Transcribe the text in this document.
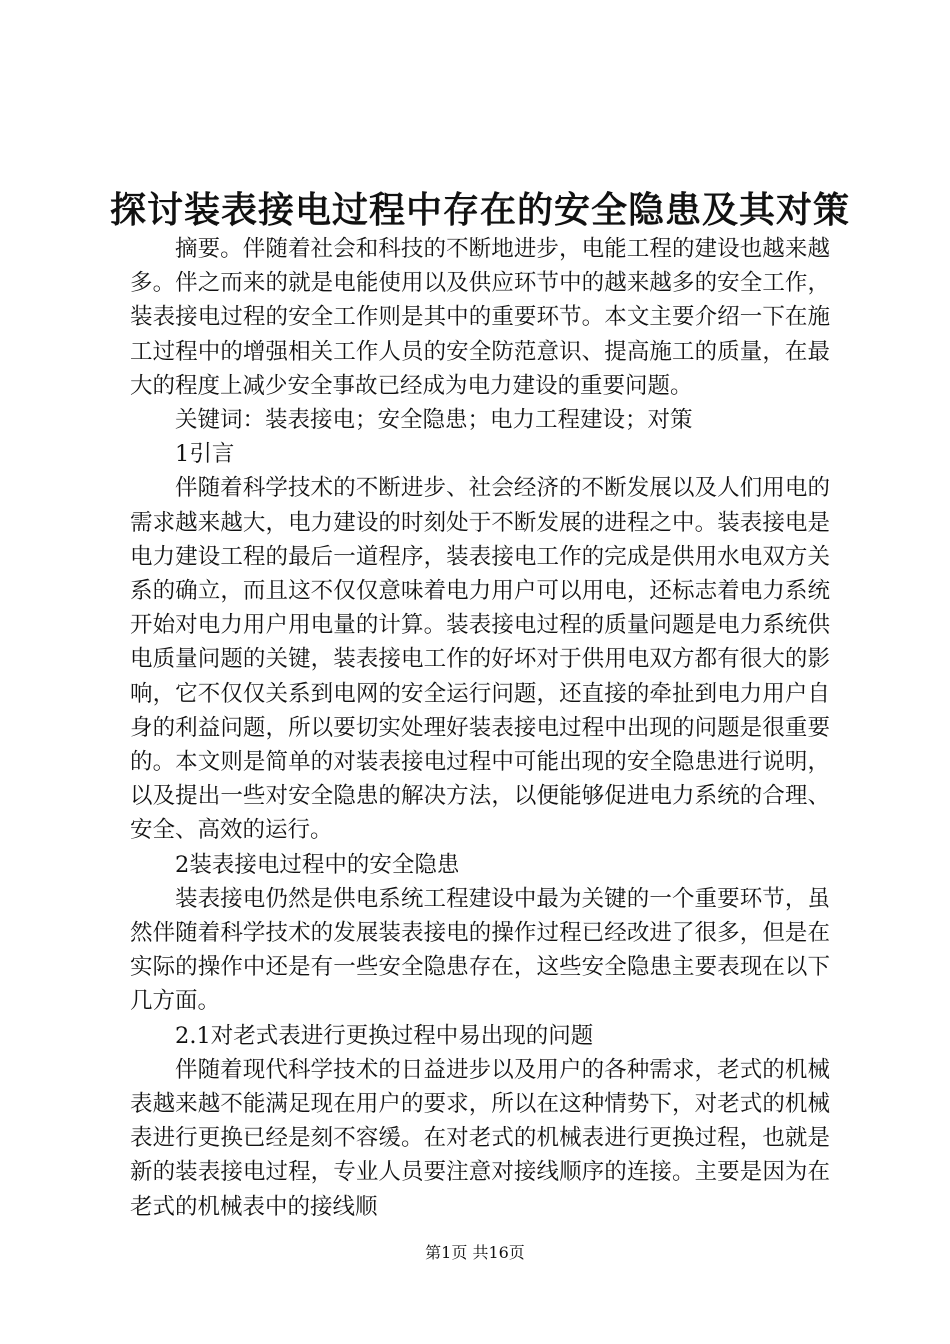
探讨装表接电过程中存在的安全隐患及其对策

摘要。伴随着社会和科技的不断地进步，电能工程的建设也越来越多。伴之而来的就是电能使用以及供应环节中的越来越多的安全工作，装表接电过程的安全工作则是其中的重要环节。本文主要介绍一下在施工过程中的增强相关工作人员的安全防范意识、提高施工的质量，在最大的程度上减少安全事故已经成为电力建设的重要问题。

关键词：装表接电；安全隐患；电力工程建设；对策

1引言

伴随着科学技术的不断进步、社会经济的不断发展以及人们用电的需求越来越大，电力建设的时刻处于不断发展的进程之中。装表接电是电力建设工程的最后一道程序，装表接电工作的完成是供用水电双方关系的确立，而且这不仅仅意味着电力用户可以用电，还标志着电力系统开始对电力用户用电量的计算。装表接电过程的质量问题是电力系统供电质量问题的关键，装表接电工作的好坏对于供用电双方都有很大的影响，它不仅仅关系到电网的安全运行问题，还直接的牵扯到电力用户自身的利益问题，所以要切实处理好装表接电过程中出现的问题是很重要的。本文则是简单的对装表接电过程中可能出现的安全隐患进行说明，以及提出一些对安全隐患的解决方法，以便能够促进电力系统的合理、安全、高效的运行。

2装表接电过程中的安全隐患

装表接电仍然是供电系统工程建设中最为关键的一个重要环节，虽然伴随着科学技术的发展装表接电的操作过程已经改进了很多，但是在实际的操作中还是有一些安全隐患存在，这些安全隐患主要表现在以下几方面。

2.1对老式表进行更换过程中易出现的问题

伴随着现代科学技术的日益进步以及用户的各种需求，老式的机械表越来越不能满足现在用户的要求，所以在这种情势下，对老式的机械表进行更换已经是刻不容缓。在对老式的机械表进行更换过程，也就是新的装表接电过程，专业人员要注意对接线顺序的连接。主要是因为在老式的机械表中的接线顺

第1页 共16页
